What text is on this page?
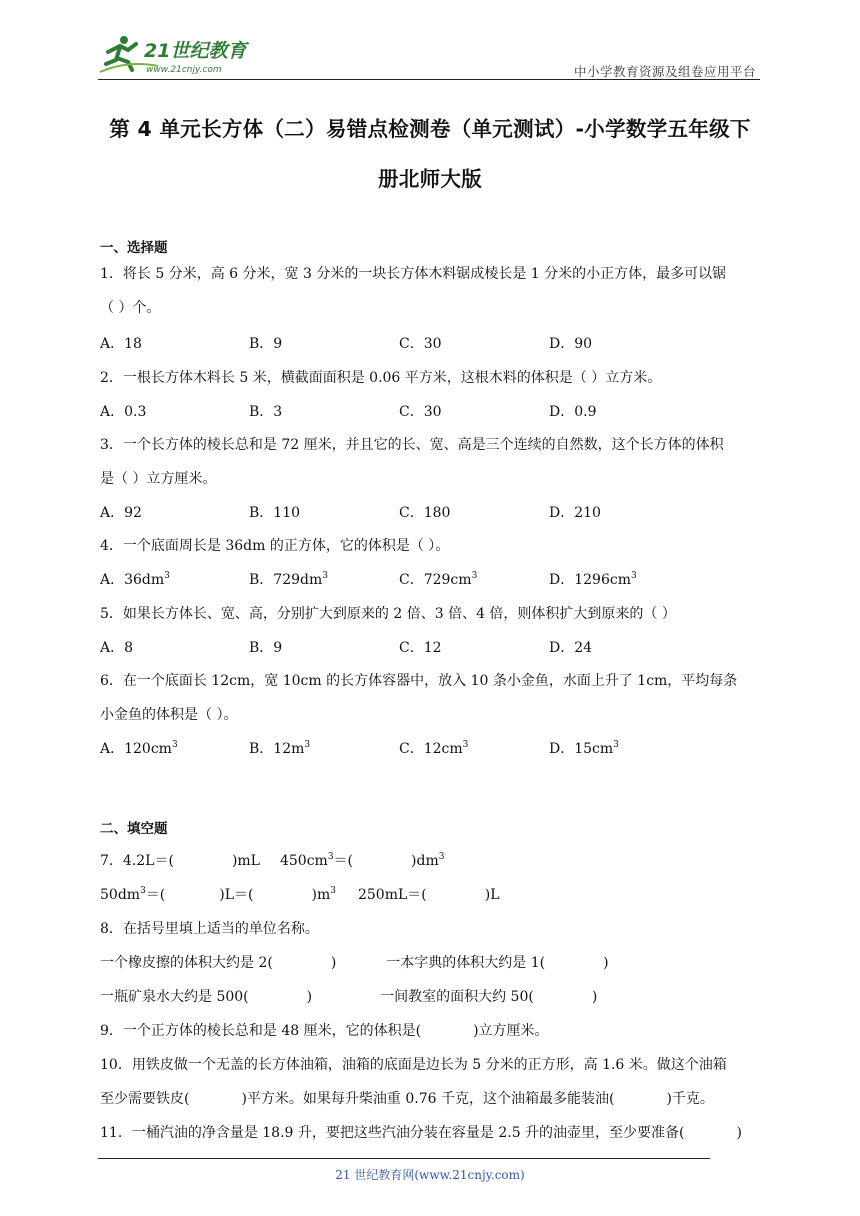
21世纪教育
www.21cnjy.com	中小学教育资源及组卷应用平台
第 4 单元长方体（二）易错点检测卷（单元测试）-小学数学五年级下
册北师大版
一、选择题
1．将长 5 分米，高 6 分米，宽 3 分米的一块长方体木料锯成棱长是 1 分米的小正方体，最多可以锯
（ ）个。
A．18	B．9	C．30	D．90
2．一根长方体木料长 5 米，横截面面积是 0.06 平方米，这根木料的体积是（ ）立方米。
A．0.3	B．3	C．30	D．0.9
3．一个长方体的棱长总和是 72 厘米，并且它的长、宽、高是三个连续的自然数，这个长方体的体积
是（ ）立方厘米。
A．92	B．110	C．180	D．210
4．一个底面周长是 36dm 的正方体，它的体积是（ ）。
A．$36dm^3$	B．$729dm^3$	C．$729cm^3$	D．$1296cm^3$
5．如果长方体长、宽、高，分别扩大到原来的 2 倍、3 倍、4 倍，则体积扩大到原来的（ ）
A．8	B．9	C．12	D．24
6．在一个底面长 12cm，宽 10cm 的长方体容器中，放入 10 条小金鱼，水面上升了 1cm，平均每条
小金鱼的体积是（ ）。
A．$120cm^3$	B．$12m^3$	C．$12cm^3$	D．$15cm^3$
二、填空题
7．4.2L＝(	)mL $450cm^3=$(	)$dm^3$
$50dm^3=$(	)L＝(	)$m^3$ 250mL＝(	)L
8．在括号里填上适当的单位名称。
一个橡皮擦的体积大约是 2(	)	一本字典的体积大约是 1(	)
一瓶矿泉水大约是 500(	)	一间教室的面积大约 50(	)
9．一个正方体的棱长总和是 48 厘米，它的体积是(	)立方厘米。
10．用铁皮做一个无盖的长方体油箱，油箱的底面是边长为 5 分米的正方形，高 1.6 米。做这个油箱
至少需要铁皮(	)平方米。如果每升柴油重 0.76 千克，这个油箱最多能装油(	)千克。
11．一桶汽油的净含量是 18.9 升，要把这些汽油分装在容量是 2.5 升的油壶里，至少要准备(	)
21 世纪教育网(www.21cnjy.com)
